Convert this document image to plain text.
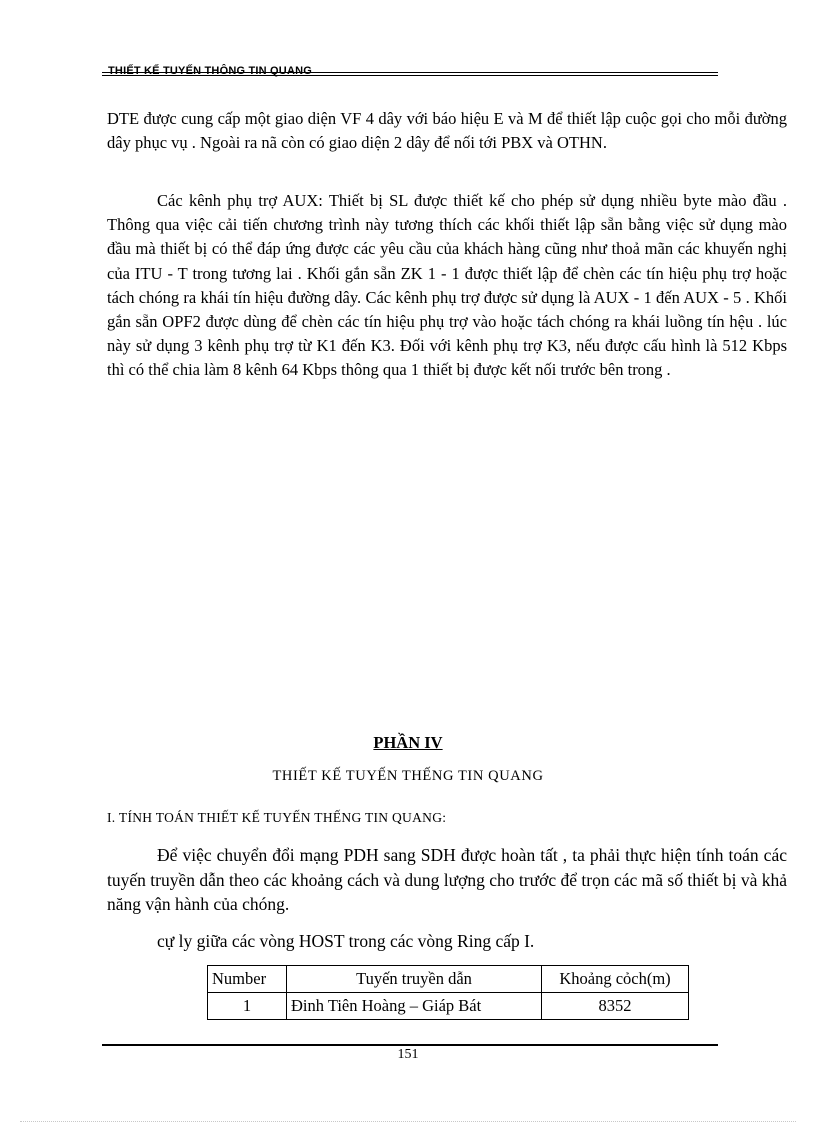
THIẾT KẾ TUYẾN THÔNG TIN QUANG

DTE được cung cấp một giao diện VF 4 dây với báo hiệu E và M để thiết lập cuộc gọi cho mỗi đường dây phục vụ . Ngoài ra nã còn có giao diện 2 dây để nối tới PBX và OTHN.

Các kênh phụ trợ AUX: Thiết bị SL được thiết kế cho phép sử dụng nhiều byte mào đầu . Thông qua việc cải tiến chương trình này tương thích các khối thiết lập sẵn bằng việc sử dụng mào đầu mà thiết bị có thể đáp ứng được các yêu cầu của khách hàng cũng như thoả mãn các khuyến nghị của ITU - T trong tương lai . Khối gắn sẵn ZK 1 - 1 được thiết lập để chèn các tín hiệu phụ trợ hoặc tách chóng ra khái tín hiệu đường dây. Các kênh phụ trợ được sử dụng là AUX - 1 đến AUX - 5 . Khối gắn sẵn OPF2 được dùng để chèn các tín hiệu phụ trợ vào hoặc tách chóng ra khái luồng tín hệu . lúc này sử dụng 3 kênh phụ trợ từ K1 đến K3. Đối với kênh phụ trợ K3, nếu được cấu hình là 512 Kbps thì có thể chia làm 8 kênh 64 Kbps thông qua 1 thiết bị được kết nối trước bên trong .

PHẦN IV
THIẾT KẾ TUYẾN THẾNG TIN QUANG
I. TÍNH TOÁN THIẾT KẾ TUYẾN THẾNG TIN QUANG:

Để việc chuyển đổi mạng PDH sang SDH được hoàn tất , ta phải thực hiện tính toán các tuyến truyền dẫn theo các khoảng cách và dung lượng cho trước để trọn các mã số thiết bị và khả năng vận hành của chóng.

cự ly giữa các vòng HOST trong các vòng Ring cấp I.
Number	Tuyến truyền dẫn	Khoảng cỏch(m)
1	Đinh Tiên Hoàng – Giáp Bát	8352
151
